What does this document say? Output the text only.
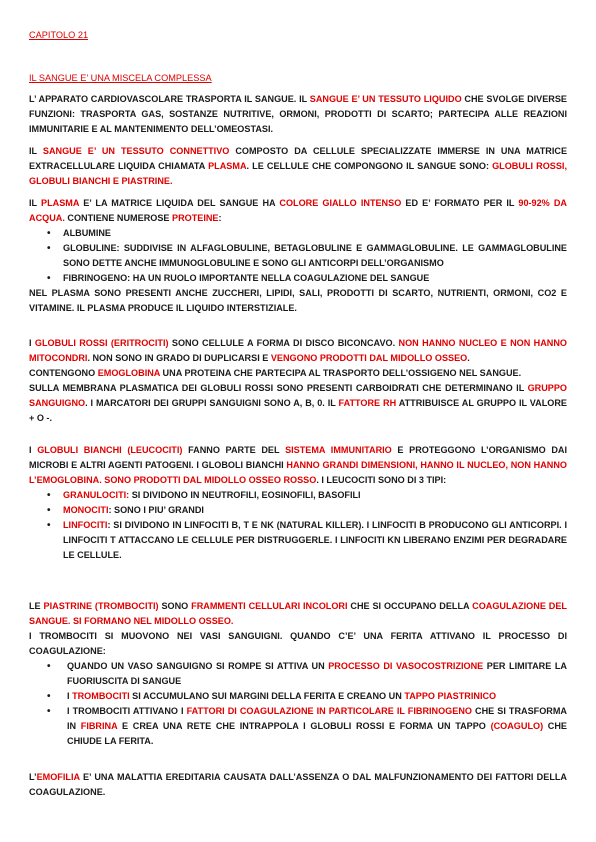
CAPITOLO 21
IL SANGUE E’ UNA MISCELA COMPLESSA
L’ APPARATO CARDIOVASCOLARE TRASPORTA IL SANGUE. IL SANGUE E’ UN TESSUTO LIQUIDO CHE SVOLGE DIVERSE FUNZIONI: TRASPORTA GAS, SOSTANZE NUTRITIVE, ORMONI, PRODOTTI DI SCARTO; PARTECIPA ALLE REAZIONI IMMUNITARIE E AL MANTENIMENTO DELL’OMEOSTASI.
IL SANGUE E’ UN TESSUTO CONNETTIVO COMPOSTO DA CELLULE SPECIALIZZATE IMMERSE IN UNA MATRICE EXTRACELLULARE LIQUIDA CHIAMATA PLASMA. LE CELLULE CHE COMPONGONO IL SANGUE SONO: GLOBULI ROSSI, GLOBULI BIANCHI E PIASTRINE.
IL PLASMA E’ LA MATRICE LIQUIDA DEL SANGUE HA COLORE GIALLO INTENSO ED E’ FORMATO PER IL 90-92% DA ACQUA. CONTIENE NUMEROSE PROTEINE:
• ALBUMINE
• GLOBULINE: SUDDIVISE IN ALFAGLOBULINE, BETAGLOBULINE E GAMMAGLOBULINE. LE GAMMAGLOBULINE SONO DETTE ANCHE IMMUNOGLOBULINE E SONO GLI ANTICORPI DELL’ORGANISMO
• FIBRINOGENO: HA UN RUOLO IMPORTANTE NELLA COAGULAZIONE DEL SANGUE
NEL PLASMA SONO PRESENTI ANCHE ZUCCHERI, LIPIDI, SALI, PRODOTTI DI SCARTO, NUTRIENTI, ORMONI, CO2 E VITAMINE. IL PLASMA PRODUCE IL LIQUIDO INTERSTIZIALE.
I GLOBULI ROSSI (ERITROCITI) SONO CELLULE A FORMA DI DISCO BICONCAVO. NON HANNO NUCLEO E NON HANNO MITOCONDRI. NON SONO IN GRADO DI DUPLICARSI E VENGONO PRODOTTI DAL MIDOLLO OSSEO.
CONTENGONO EMOGLOBINA UNA PROTEINA CHE PARTECIPA AL TRASPORTO DELL’OSSIGENO NEL SANGUE.
SULLA MEMBRANA PLASMATICA DEI GLOBULI ROSSI SONO PRESENTI CARBOIDRATI CHE DETERMINANO IL GRUPPO SANGUIGNO. I MARCATORI DEI GRUPPI SANGUIGNI SONO A, B, 0. IL FATTORE RH ATTRIBUISCE AL GRUPPO IL VALORE + O -.
I GLOBULI BIANCHI (LEUCOCITI) FANNO PARTE DEL SISTEMA IMMUNITARIO E PROTEGGONO L’ORGANISMO DAI MICROBI E ALTRI AGENTI PATOGENI. I GLOBOLI BIANCHI HANNO GRANDI DIMENSIONI, HANNO IL NUCLEO, NON HANNO L’EMOGLOBINA. SONO PRODOTTI DAL MIDOLLO OSSEO ROSSO. I LEUCOCITI SONO DI 3 TIPI:
• GRANULOCITI: SI DIVIDONO IN NEUTROFILI, EOSINOFILI, BASOFILI
• MONOCITI: SONO I PIU’ GRANDI
• LINFOCITI: SI DIVIDONO IN LINFOCITI B, T E NK (NATURAL KILLER). I LINFOCITI B PRODUCONO GLI ANTICORPI. I LINFOCITI T ATTACCANO LE CELLULE PER DISTRUGGERLE. I LINFOCITI KN LIBERANO ENZIMI PER DEGRADARE LE CELLULE.
LE PIASTRINE (TROMBOCITI) SONO FRAMMENTI CELLULARI INCOLORI CHE SI OCCUPANO DELLA COAGULAZIONE DEL SANGUE. SI FORMANO NEL MIDOLLO OSSEO.
I TROMBOCITI SI MUOVONO NEI VASI SANGUIGNI. QUANDO C’E’ UNA FERITA ATTIVANO IL PROCESSO DI COAGULAZIONE:
• QUANDO UN VASO SANGUIGNO SI ROMPE SI ATTIVA UN PROCESSO DI VASOCOSTRIZIONE PER LIMITARE LA FUORIUSCITA DI SANGUE
• I TROMBOCITI SI ACCUMULANO SUI MARGINI DELLA FERITA E CREANO UN TAPPO PIASTRINICO
• I TROMBOCITI ATTIVANO I FATTORI DI COAGULAZIONE IN PARTICOLARE IL FIBRINOGENO CHE SI TRASFORMA IN FIBRINA E CREA UNA RETE CHE INTRAPPOLA I GLOBULI ROSSI E FORMA UN TAPPO (COAGULO) CHE CHIUDE LA FERITA.
L’EMOFILIA E’ UNA MALATTIA EREDITARIA CAUSATA DALL’ASSENZA O DAL MALFUNZIONAMENTO DEI FATTORI DELLA COAGULAZIONE.
